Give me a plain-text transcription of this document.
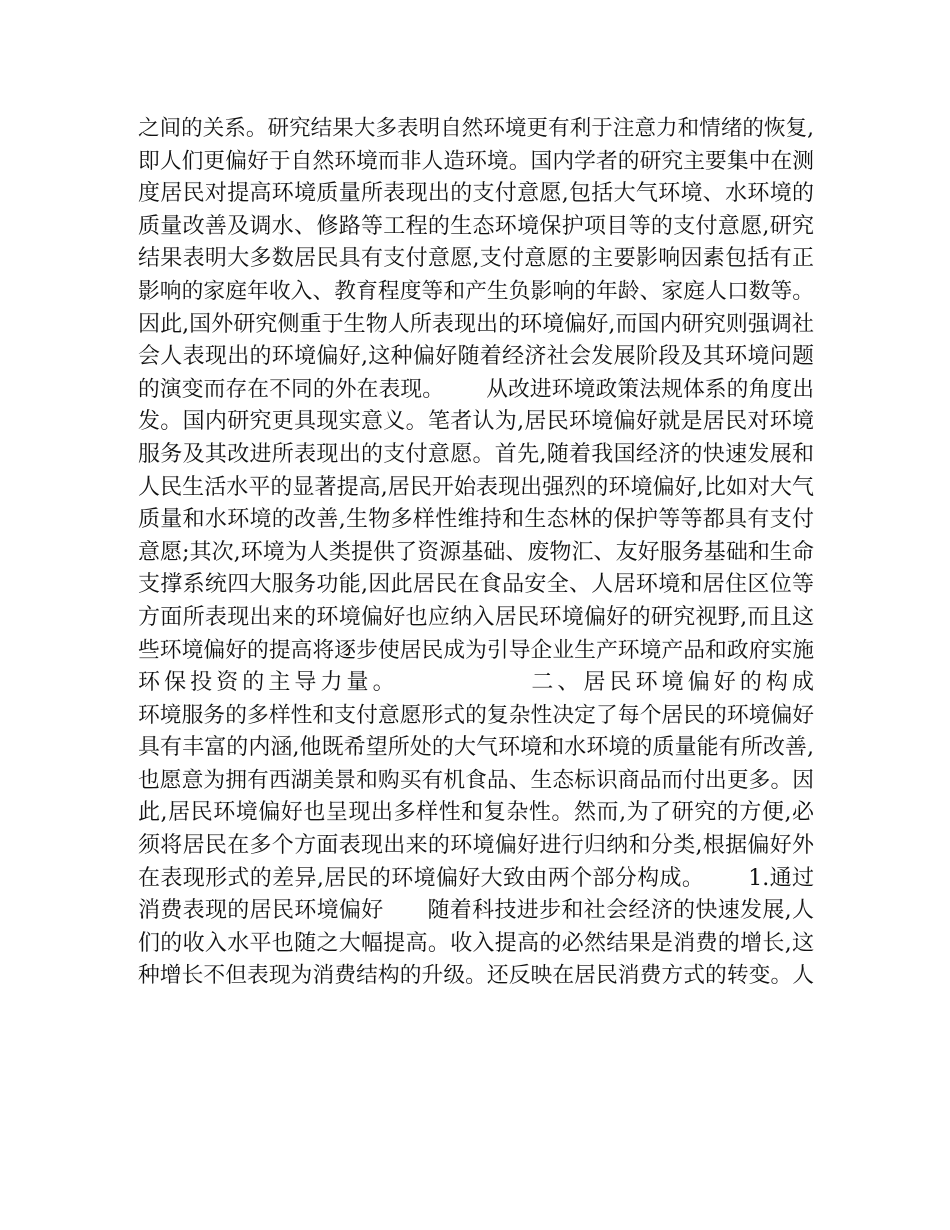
之间的关系。研究结果大多表明自然环境更有利于注意力和情绪的恢复,
即人们更偏好于自然环境而非人造环境。国内学者的研究主要集中在测
度居民对提高环境质量所表现出的支付意愿,包括大气环境、水环境的
质量改善及调水、修路等工程的生态环境保护项目等的支付意愿,研究
结果表明大多数居民具有支付意愿,支付意愿的主要影响因素包括有正
影响的家庭年收入、教育程度等和产生负影响的年龄、家庭人口数等。
因此,国外研究侧重于生物人所表现出的环境偏好,而国内研究则强调社
会人表现出的环境偏好,这种偏好随着经济社会发展阶段及其环境问题
的演变而存在不同的外在表现。      从改进环境政策法规体系的角度出
发。国内研究更具现实意义。笔者认为,居民环境偏好就是居民对环境
服务及其改进所表现出的支付意愿。首先,随着我国经济的快速发展和
人民生活水平的显著提高,居民开始表现出强烈的环境偏好,比如对大气
质量和水环境的改善,生物多样性维持和生态林的保护等等都具有支付
意愿;其次,环境为人类提供了资源基础、废物汇、友好服务基础和生命
支撑系统四大服务功能,因此居民在食品安全、人居环境和居住区位等
方面所表现出来的环境偏好也应纳入居民环境偏好的研究视野,而且这
些环境偏好的提高将逐步使居民成为引导企业生产环境产品和政府实施
环保投资的主导力量。            二、居民环境偏好的构成
环境服务的多样性和支付意愿形式的复杂性决定了每个居民的环境偏好
具有丰富的内涵,他既希望所处的大气环境和水环境的质量能有所改善,
也愿意为拥有西湖美景和购买有机食品、生态标识商品而付出更多。因
此,居民环境偏好也呈现出多样性和复杂性。然而,为了研究的方便,必
须将居民在多个方面表现出来的环境偏好进行归纳和分类,根据偏好外
在表现形式的差异,居民的环境偏好大致由两个部分构成。      1.通过
消费表现的居民环境偏好      随着科技进步和社会经济的快速发展,人
们的收入水平也随之大幅提高。收入提高的必然结果是消费的增长,这
种增长不但表现为消费结构的升级。还反映在居民消费方式的转变。人
